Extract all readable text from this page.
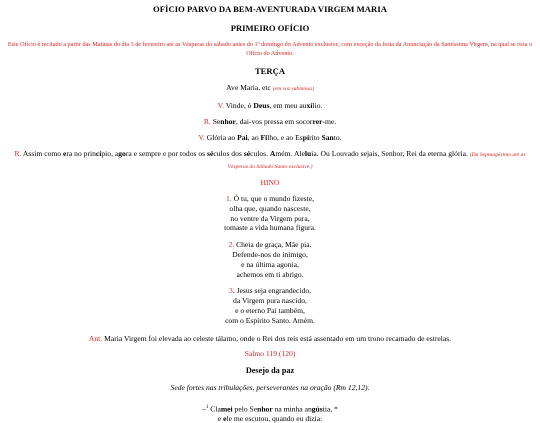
OFÍCIO PARVO DA BEM-AVENTURADA VIRGEM MARIA
PRIMEIRO OFÍCIO
Este Ofício é recitado a partir das Matinas do dia 3 de fevereiro até as Vésperas do sábado antes do 1º domingo do Advento exclusive, com exceção da festa da Anunciação da Santíssima Virgem, na qual se reza o Ofício do Advento.
TERÇA

Ave Maria, etc (em voz submissa)

V. Vinde, ó Deus, em meu auxílio.

R. Senhor, dai-vos pressa em socorrer-me.

V. Glória ao Pai, ao Filho, e ao Espírito Santo.

R. Assim como era no princípio, agora e sempre e por todos os séculos dos séculos. Amém. Aleluia. Ou Louvado sejais, Senhor, Rei da eterna glória. (Da Septuagésima até as Vésperas do Sábado Santo exclusive.)
HINO
1. Ó tu, que o mundo fizeste,
olha que, quando nasceste,
no ventre da Virgem pura,
tomaste a vida humana figura.
2. Cheia de graça, Mãe pia.
Defende-nos do inimigo,
e na última agonia,
achemos em ti abrigo.
3. Jesus seja engrandecido,
da Virgem pura nascido,
e o eterno Pai também,
com o Espírito Santo. Amém.

Ant. Maria Virgem foi elevada ao celeste tálamo, onde o Rei dos reis está assentado em um trono recamado de estrelas.

Salmo 119 (120)
Desejo da paz
Sede fortes nas tribulações, perseverantes na oração (Rm 12,12).
–$^1$ Clamei pelo Senhor na minha angústia, *
e ele me escutou, quando eu dizia:
